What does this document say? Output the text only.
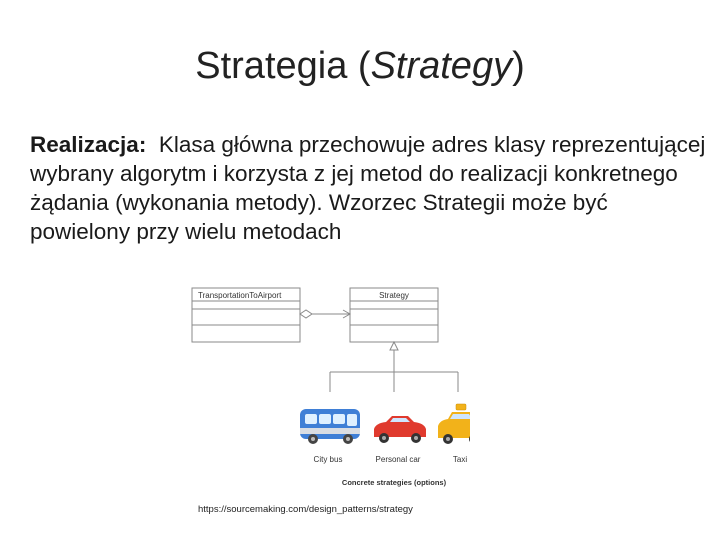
Strategia (Strategy)
Realizacja: Klasa główna przechowuje adres klasy reprezentującej wybrany algorytm i korzysta z jej metod do realizacji konkretnego żądania (wykonania metody). Wzorzec Strategii może być powielony przy wielu metodach
TransportationToAirport	Strategy
City bus	Personal car	Taxi
Concrete strategies (options)
https://sourcemaking.com/design_patterns/strategy
